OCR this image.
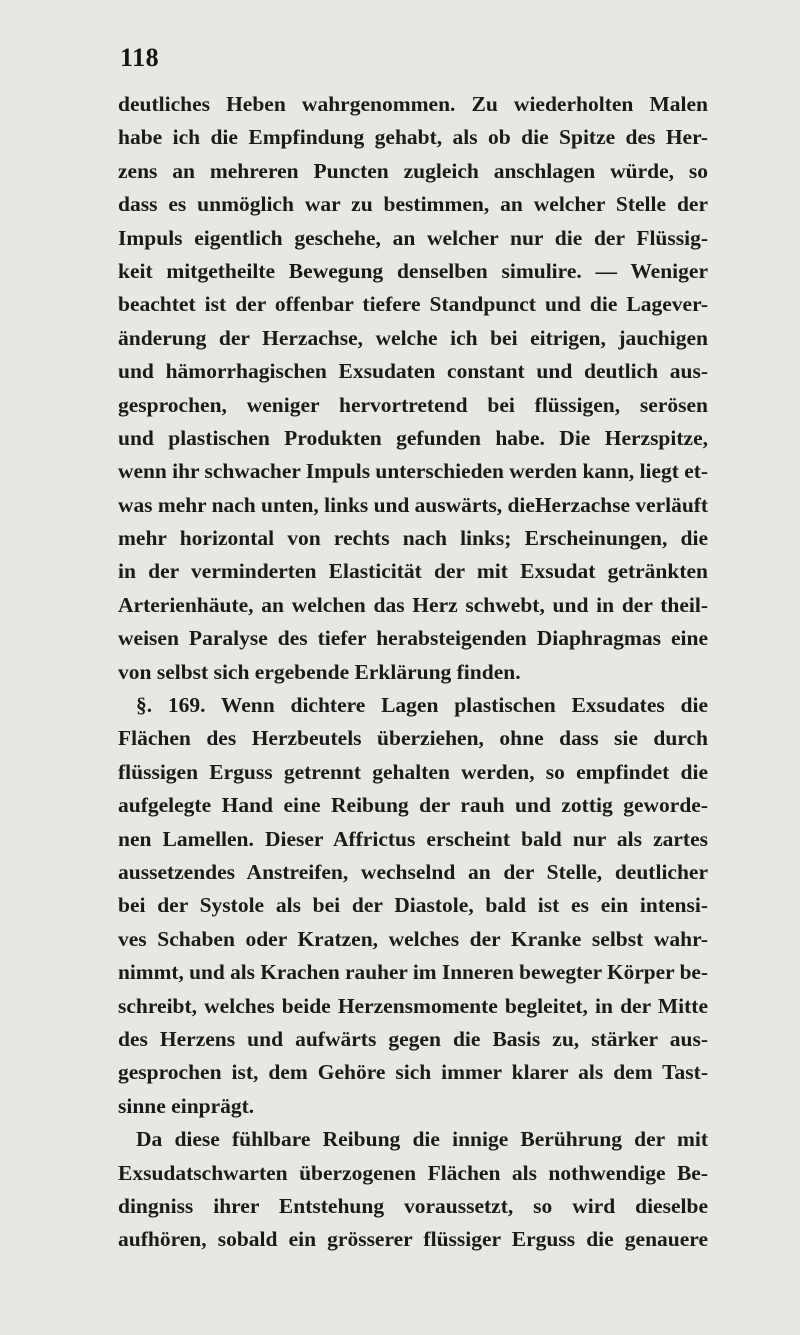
118
deutliches Heben wahrgenommen. Zu wiederholten Malen
habe ich die Empfindung gehabt, als ob die Spitze des Her-
zens an mehreren Puncten zugleich anschlagen würde, so
dass es unmöglich war zu bestimmen, an welcher Stelle der
Impuls eigentlich geschehe, an welcher nur die der Flüssig-
keit mitgetheilte Bewegung denselben simulire. — Weniger
beachtet ist der offenbar tiefere Standpunct und die Lagever-
änderung der Herzachse, welche ich bei eitrigen, jauchigen
und hämorrhagischen Exsudaten constant und deutlich aus-
gesprochen, weniger hervortretend bei flüssigen, serösen
und plastischen Produkten gefunden habe. Die Herzspitze,
wenn ihr schwacher Impuls unterschieden werden kann, liegt et-
was mehr nach unten, links und auswärts, dieHerzachse verläuft
mehr horizontal von rechts nach links; Erscheinungen, die
in der verminderten Elasticität der mit Exsudat getränkten
Arterienhäute, an welchen das Herz schwebt, und in der theil-
weisen Paralyse des tiefer herabsteigenden Diaphragmas eine
von selbst sich ergebende Erklärung finden.
§. 169. Wenn dichtere Lagen plastischen Exsudates die
Flächen des Herzbeutels überziehen, ohne dass sie durch
flüssigen Erguss getrennt gehalten werden, so empfindet die
aufgelegte Hand eine Reibung der rauh und zottig geworde-
nen Lamellen. Dieser Affrictus erscheint bald nur als zartes
aussetzendes Anstreifen, wechselnd an der Stelle, deutlicher
bei der Systole als bei der Diastole, bald ist es ein intensi-
ves Schaben oder Kratzen, welches der Kranke selbst wahr-
nimmt, und als Krachen rauher im Inneren bewegter Körper be-
schreibt, welches beide Herzensmomente begleitet, in der Mitte
des Herzens und aufwärts gegen die Basis zu, stärker aus-
gesprochen ist, dem Gehöre sich immer klarer als dem Tast-
sinne einprägt.
Da diese fühlbare Reibung die innige Berührung der mit
Exsudatschwarten überzogenen Flächen als nothwendige Be-
dingniss ihrer Entstehung voraussetzt, so wird dieselbe
aufhören, sobald ein grösserer flüssiger Erguss die genauere
